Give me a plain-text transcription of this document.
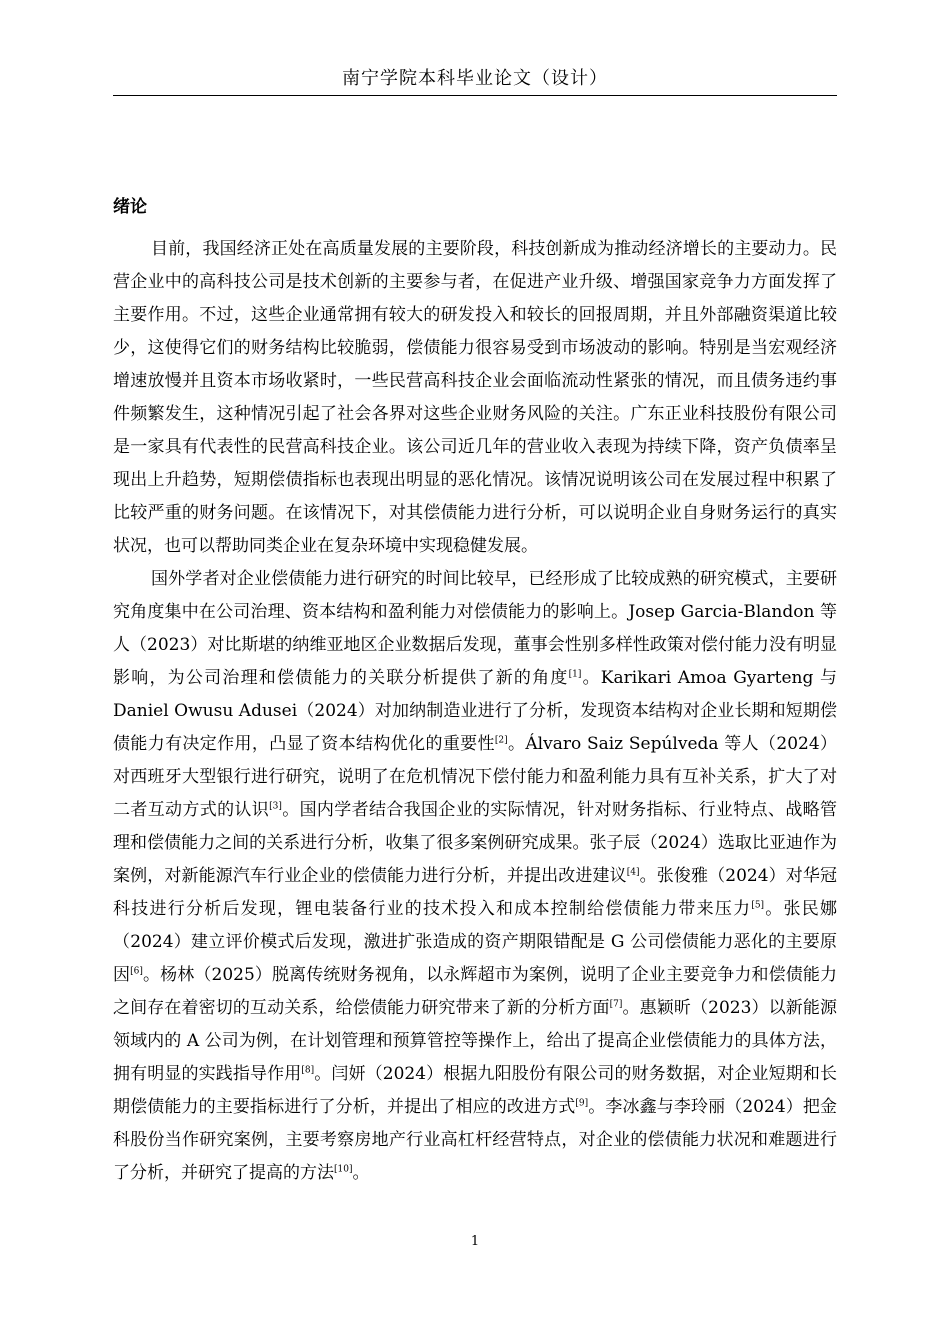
南宁学院本科毕业论文（设计）
绪论

目前，我国经济正处在高质量发展的主要阶段，科技创新成为推动经济增长的主要动力。民营企业中的高科技公司是技术创新的主要参与者，在促进产业升级、增强国家竞争力方面发挥了主要作用。不过，这些企业通常拥有较大的研发投入和较长的回报周期，并且外部融资渠道比较少，这使得它们的财务结构比较脆弱，偿债能力很容易受到市场波动的影响。特别是当宏观经济增速放慢并且资本市场收紧时，一些民营高科技企业会面临流动性紧张的情况，而且债务违约事件频繁发生，这种情况引起了社会各界对这些企业财务风险的关注。广东正业科技股份有限公司是一家具有代表性的民营高科技企业。该公司近几年的营业收入表现为持续下降，资产负债率呈现出上升趋势，短期偿债指标也表现出明显的恶化情况。该情况说明该公司在发展过程中积累了比较严重的财务问题。在该情况下，对其偿债能力进行分析，可以说明企业自身财务运行的真实状况，也可以帮助同类企业在复杂环境中实现稳健发展。

国外学者对企业偿债能力进行研究的时间比较早，已经形成了比较成熟的研究模式，主要研究角度集中在公司治理、资本结构和盈利能力对偿债能力的影响上。Josep Garcia-Blandon 等人（2023）对比斯堪的纳维亚地区企业数据后发现，董事会性别多样性政策对偿付能力没有明显影响，为公司治理和偿债能力的关联分析提供了新的角度[1]。Karikari Amoa Gyarteng 与 Daniel Owusu Adusei（2024）对加纳制造业进行了分析，发现资本结构对企业长期和短期偿债能力有决定作用，凸显了资本结构优化的重要性[2]。Álvaro Saiz Sepúlveda 等人（2024）对西班牙大型银行进行研究，说明了在危机情况下偿付能力和盈利能力具有互补关系，扩大了对二者互动方式的认识[3]。国内学者结合我国企业的实际情况，针对财务指标、行业特点、战略管理和偿债能力之间的关系进行分析，收集了很多案例研究成果。张子辰（2024）选取比亚迪作为案例，对新能源汽车行业企业的偿债能力进行分析，并提出改进建议[4]。张俊雅（2024）对华冠科技进行分析后发现，锂电装备行业的技术投入和成本控制给偿债能力带来压力[5]。张民娜（2024）建立评价模式后发现，激进扩张造成的资产期限错配是 G 公司偿债能力恶化的主要原因[6]。杨林（2025）脱离传统财务视角，以永辉超市为案例，说明了企业主要竞争力和偿债能力之间存在着密切的互动关系，给偿债能力研究带来了新的分析方面[7]。惠颖昕（2023）以新能源领域内的 A 公司为例，在计划管理和预算管控等操作上，给出了提高企业偿债能力的具体方法，拥有明显的实践指导作用[8]。闫妍（2024）根据九阳股份有限公司的财务数据，对企业短期和长期偿债能力的主要指标进行了分析，并提出了相应的改进方式[9]。李冰鑫与李玲丽（2024）把金科股份当作研究案例，主要考察房地产行业高杠杆经营特点，对企业的偿债能力状况和难题进行了分析，并研究了提高的方法[10]。

1
